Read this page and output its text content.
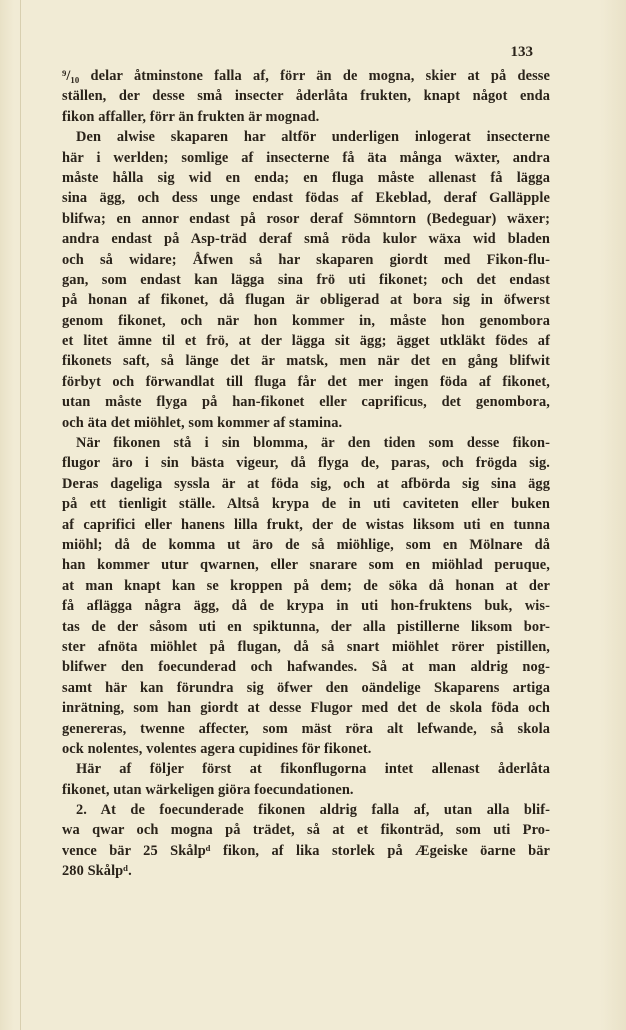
133
⁹/₁₀ delar åtminstone falla af, förr än de mogna, skier at på desse
ställen, der desse små insecter åderlåta frukten, knapt något enda
fikon affaller, förr än frukten är mognad.
Den alwise skaparen har altför underligen inlogerat insecterne
här i werlden; somlige af insecterne få äta många wäxter, andra
måste hålla sig wid en enda; en fluga måste allenast få lägga
sina ägg, och dess unge endast födas af Ekeblad, deraf Galläpple
blifwa; en annor endast på rosor deraf Sömntorn (Bedeguar) wäxer;
andra endast på Asp-träd deraf små röda kulor wäxa wid bladen
och så widare; Åfwen så har skaparen giordt med Fikon-flu-
gan, som endast kan lägga sina frö uti fikonet; och det endast
på honan af fikonet, då flugan är obligerad at bora sig in öfwerst
genom fikonet, och när hon kommer in, måste hon genombora
et litet ämne til et frö, at der lägga sit ägg; ägget utkläkt födes af
fikonets saft, så länge det är matsk, men när det en gång blifwit
förbyt och förwandlat till fluga får det mer ingen föda af fikonet,
utan måste flyga på han-fikonet eller caprificus, det genombora,
och äta det miöhlet, som kommer af stamina.
När fikonen stå i sin blomma, är den tiden som desse fikon-
flugor äro i sin bästa vigeur, då flyga de, paras, och frögda sig.
Deras dageliga syssla är at föda sig, och at afbörda sig sina ägg
på ett tienligit ställe. Altså krypa de in uti caviteten eller buken
af caprifici eller hanens lilla frukt, der de wistas liksom uti en tunna
miöhl; då de komma ut äro de så miöhlige, som en Mölnare då
han kommer utur qwarnen, eller snarare som en miöhlad peruque,
at man knapt kan se kroppen på dem; de söka då honan at der
få aflägga några ägg, då de krypa in uti hon-fruktens buk, wis-
tas de der såsom uti en spiktunna, der alla pistillerne liksom bor-
ster afnöta miöhlet på flugan, då så snart miöhlet rörer pistillen,
blifwer den foecunderad och hafwandes. Så at man aldrig nog-
samt här kan förundra sig öfwer den oändelige Skaparens artiga
inrätning, som han giordt at desse Flugor med det de skola föda och
genereras, twenne affecter, som mäst röra alt lefwande, så skola
ock nolentes, volentes agera cupidines för fikonet.
Här af följer först at fikonflugorna intet allenast åderlåta
fikonet, utan wärkeligen giöra foecundationen.
2. At de foecunderade fikonen aldrig falla af, utan alla blif-
wa qwar och mogna på trädet, så at et fikonträd, som uti Pro-
vence bär 25 Skålpᵈ fikon, af lika storlek på Ægeiske öarne bär
280 Skålpᵈ.
